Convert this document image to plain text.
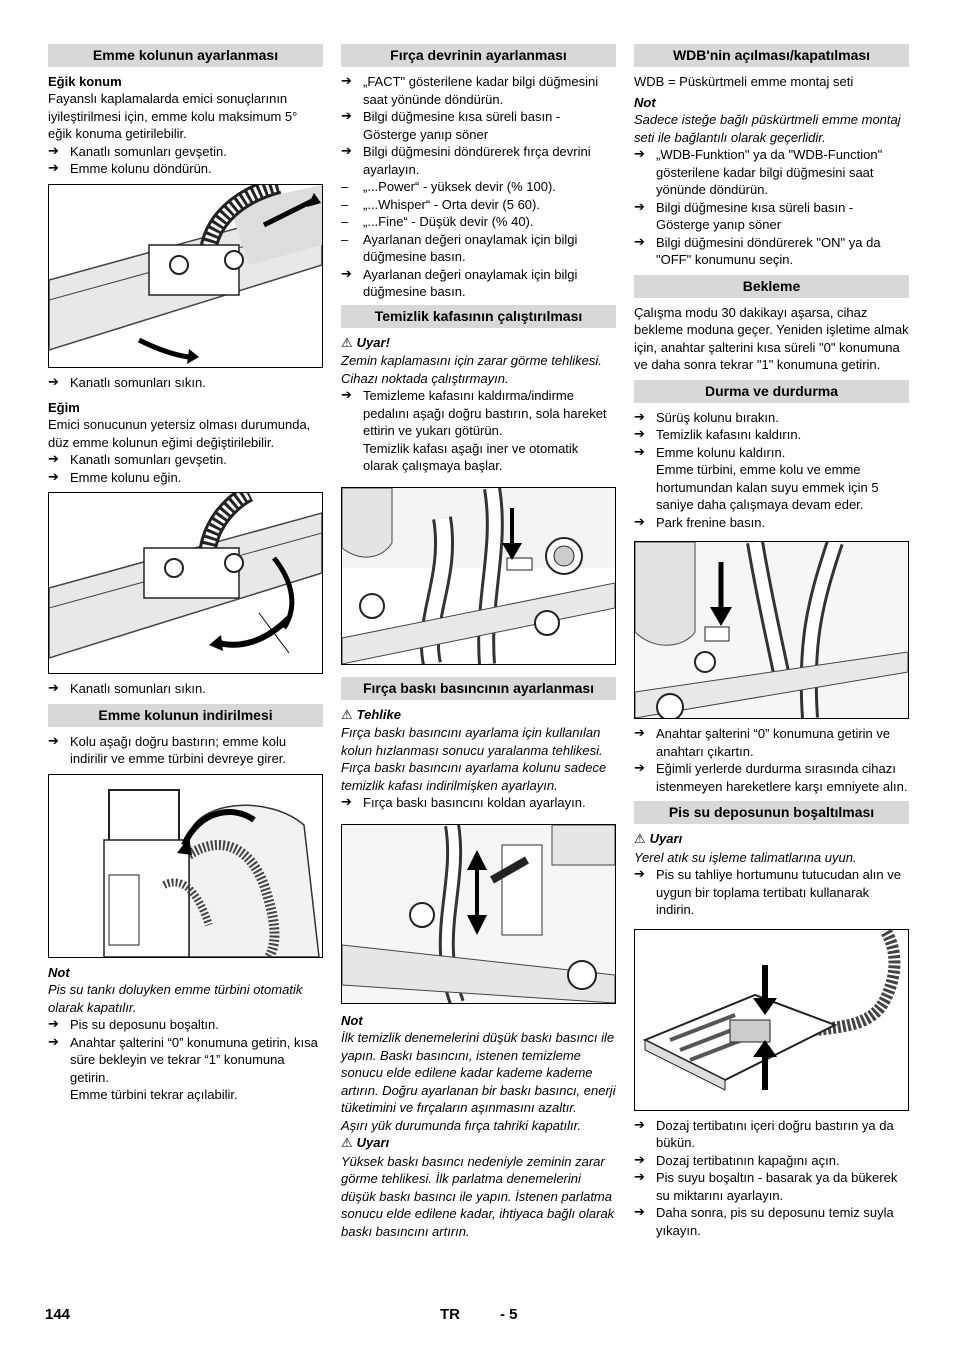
Emme kolunun ayarlanması
Eğik konum

Fayanslı kaplamalarda emici sonuçlarının iyileştirilmesi için, emme kolu maksimum 5° eğik konuma getirilebilir.

➔ Kanatlı somunları gevşetin.
➔ Emme kolunu döndürün.
➔ Kanatlı somunları sıkın.
Eğim

Emici sonucunun yetersiz olması durumunda, düz emme kolunun eğimi değiştirilebilir.

➔ Kanatlı somunları gevşetin.
➔ Emme kolunu eğin.
➔ Kanatlı somunları sıkın.
Emme kolunun indirilmesi
➔ Kolu aşağı doğru bastırın; emme kolu indirilir ve emme türbini devreye girer.
Not

Pis su tankı doluyken emme türbini otomatik olarak kapatılır.

➔ Pis su deposunu boşaltın.
➔ Anahtar şalterini “0” konumuna getirin, kısa süre bekleyin ve tekrar “1” konumuna getirin.
Emme türbini tekrar açılabilir.
Fırça devrinin ayarlanması
➔ „FACT" gösterilene kadar bilgi düğmesini saat yönünde döndürün.
➔ Bilgi düğmesine kısa süreli basın - Gösterge yanıp söner
➔ Bilgi düğmesini döndürerek fırça devrini ayarlayın.
– „...Power“ - yüksek devir (% 100).
– „...Whisper“ - Orta devir (5 60).
– „...Fine“ - Düşük devir (% 40).
– Ayarlanan değeri onaylamak için bilgi düğmesine basın.
➔ Ayarlanan değeri onaylamak için bilgi düğmesine basın.
Temizlik kafasının çalıştırılması
⚠ Uyar!

Zemin kaplamasını için zarar görme tehlikesi. Cihazı noktada çalıştırmayın.

➔ Temizleme kafasını kaldırma/indirme pedalını aşağı doğru bastırın, sola hareket ettirin ve yukarı götürün.
Temizlik kafası aşağı iner ve otomatik olarak çalışmaya başlar.
Fırça baskı basıncının ayarlanması
⚠ Tehlike

Fırça baskı basıncını ayarlama için kullanılan kolun hızlanması sonucu yaralanma tehlikesi. Fırça baskı basıncını ayarlama kolunu sadece temizlik kafası indirilmişken ayarlayın.

➔ Fırça baskı basıncını koldan ayarlayın.
Not

İlk temizlik denemelerini düşük baskı basıncı ile yapın. Baskı basıncını, istenen temizleme sonucu elde edilene kadar kademe kademe artırın. Doğru ayarlanan bir baskı basıncı, enerji tüketimini ve fırçaların aşınmasını azaltır.

Aşırı yük durumunda fırça tahriki kapatılır.

⚠ Uyarı

Yüksek baskı basıncı nedeniyle zeminin zarar görme tehlikesi. İlk parlatma denemelerini düşük baskı basıncı ile yapın. İstenen parlatma sonucu elde edilene kadar, ihtiyaca bağlı olarak baskı basıncını artırın.

WDB'nin açılması/kapatılması

WDB = Püskürtmeli emme montaj seti

Not

Sadece isteğe bağlı püskürtmeli emme montaj seti ile bağlantılı olarak geçerlidir.

➔ „WDB-Funktion" ya da "WDB-Function" gösterilene kadar bilgi düğmesini saat yönünde döndürün.
➔ Bilgi düğmesine kısa süreli basın - Gösterge yanıp söner
➔ Bilgi düğmesini döndürerek "ON" ya da "OFF" konumunu seçin.
Bekleme

Çalışma modu 30 dakikayı aşarsa, cihaz bekleme moduna geçer. Yeniden işletime almak için, anahtar şalterini kısa süreli "0" konumuna ve daha sonra tekrar "1" konumuna getirin.

Durma ve durdurma
➔ Sürüş kolunu bırakın.
➔ Temizlik kafasını kaldırın.
➔ Emme kolunu kaldırın.
Emme türbini, emme kolu ve emme hortumundan kalan suyu emmek için 5 saniye daha çalışmaya devam eder.
➔ Park frenine basın.
➔ Anahtar şalterini “0” konumuna getirin ve anahtarı çıkartın.
➔ Eğimli yerlerde durdurma sırasında cihazı istenmeyen hareketlere karşı emniyete alın.
Pis su deposunun boşaltılması
⚠ Uyarı

Yerel atık su işleme talimatlarına uyun.

➔ Pis su tahliye hortumunu tutucudan alın ve uygun bir toplama tertibatı kullanarak indirin.
➔ Dozaj tertibatını içeri doğru bastırın ya da bükün.
➔ Dozaj tertibatının kapağını açın.
➔ Pis suyu boşaltın - basarak ya da bükerek su miktarını ayarlayın.
➔ Daha sonra, pis su deposunu temiz suyla yıkayın.
144	TR	- 5
